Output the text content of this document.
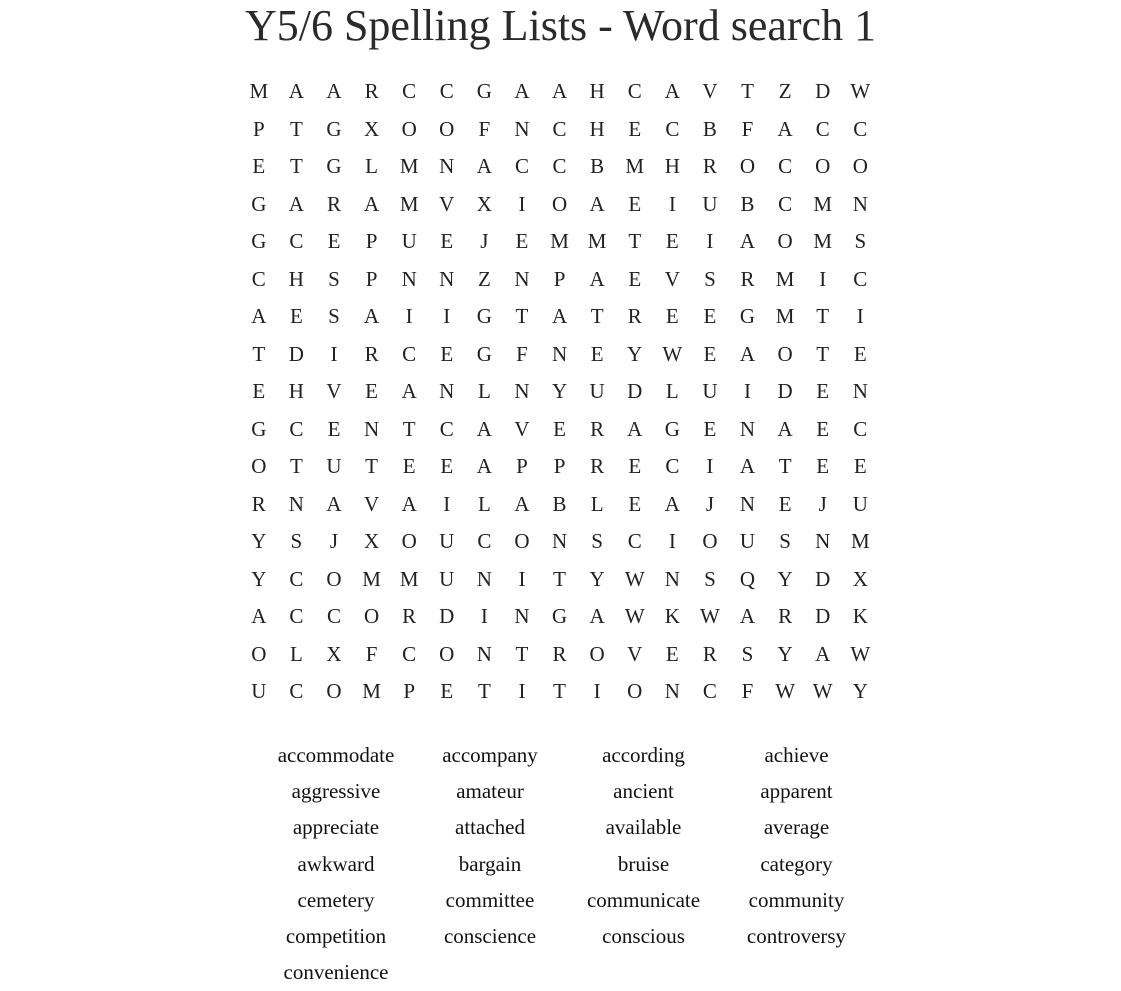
Y5/6 Spelling Lists - Word search 1
M A	A	R	C	C	G	A	A	H	C	A	V	T	Z	D W
P	T	G	X	O	O	F	N	C	H	E	C	B	F	A	C	C
E	T	G	L	M N	A	C	C	B	M H	R	O	C	O	O
G	A	R	A M V	X	I	O	A	E	I	U	B	C	M N
G	C	E	P	U	E	J	E	M M	T	E	I	A	O M	S
C	H	S	P	N	N	Z	N	P	A	E	V	S	R	M	I	C
A	E	S	A	I	I	G	T	A	T	R	E	E	G M	T	I
T	D	I	R	C	E	G	F	N	E	Y W	E	A	O	T	E
E	H	V	E	A	N	L	N	Y	U	D	L	U	I	D	E	N
G	C	E	N	T	C	A	V	E	R	A	G	E	N	A	E	C
O	T	U	T	E	E	A	P	P	R	E	C	I	A	T	E	E
R	N	A	V	A	I	L	A	B	L	E	A	J	N	E	J	U
Y	S	J	X	O	U	C	O	N	S	C	I	O	U	S	N M
Y	C	O M M U	N	I	T	Y W N	S	Q	Y	D	X
A	C	C	O	R	D	I	N	G	A W K W A	R	D	K
O	L	X	F	C	O	N	T	R	O	V	E	R	S	Y	A W
U	C	O M	P	E	T	I	T	I	O	N	C	F	W W Y
accommodate	accompany	according	achieve
aggressive	amateur	ancient	apparent
appreciate	attached	available	average
awkward	bargain	bruise	category
cemetery	committee	communicate	community
competition	conscience	conscious	controversy
convenience
